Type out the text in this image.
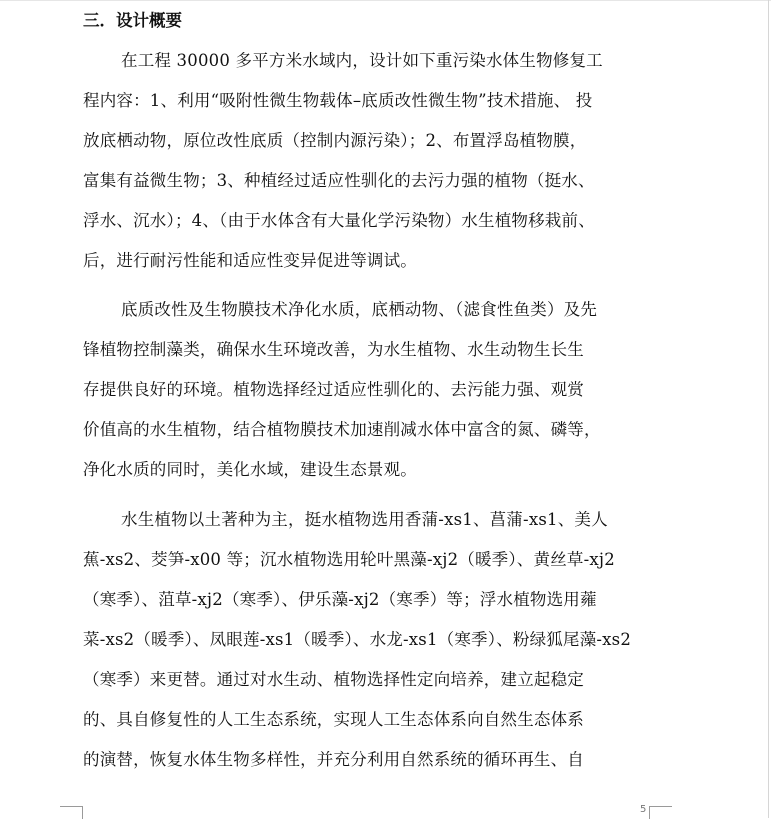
三．设计概要
在工程 30000 多平方米水域内，设计如下重污染水体生物修复工
程内容：1、利用“吸附性微生物载体–底质改性微生物”技术措施、 投
放底栖动物，原位改性底质（控制内源污染）；2、布置浮岛植物膜，
富集有益微生物；3、种植经过适应性驯化的去污力强的植物（挺水、
浮水、沉水）；4、（由于水体含有大量化学污染物）水生植物移栽前、
后，进行耐污性能和适应性变异促进等调试。
底质改性及生物膜技术净化水质，底栖动物、（滤食性鱼类）及先
锋植物控制藻类，确保水生环境改善，为水生植物、水生动物生长生
存提供良好的环境。植物选择经过适应性驯化的、去污能力强、观赏
价值高的水生植物，结合植物膜技术加速削减水体中富含的氮、磷等，
净化水质的同时，美化水域，建设生态景观。
水生植物以土著种为主，挺水植物选用香蒲-xs1、菖蒲-xs1、美人
蕉-xs2、茭笋-x00 等；沉水植物选用轮叶黑藻-xj2（暖季）、黄丝草-xj2
（寒季）、菹草-xj2（寒季）、伊乐藻-xj2（寒季）等；浮水植物选用蕹
菜-xs2（暖季）、凤眼莲-xs1（暖季）、水龙-xs1（寒季）、粉绿狐尾藻-xs2
（寒季）来更替。通过对水生动、植物选择性定向培养，建立起稳定
的、具自修复性的人工生态系统，实现人工生态体系向自然生态体系
的演替，恢复水体生物多样性，并充分利用自然系统的循环再生、自
5
